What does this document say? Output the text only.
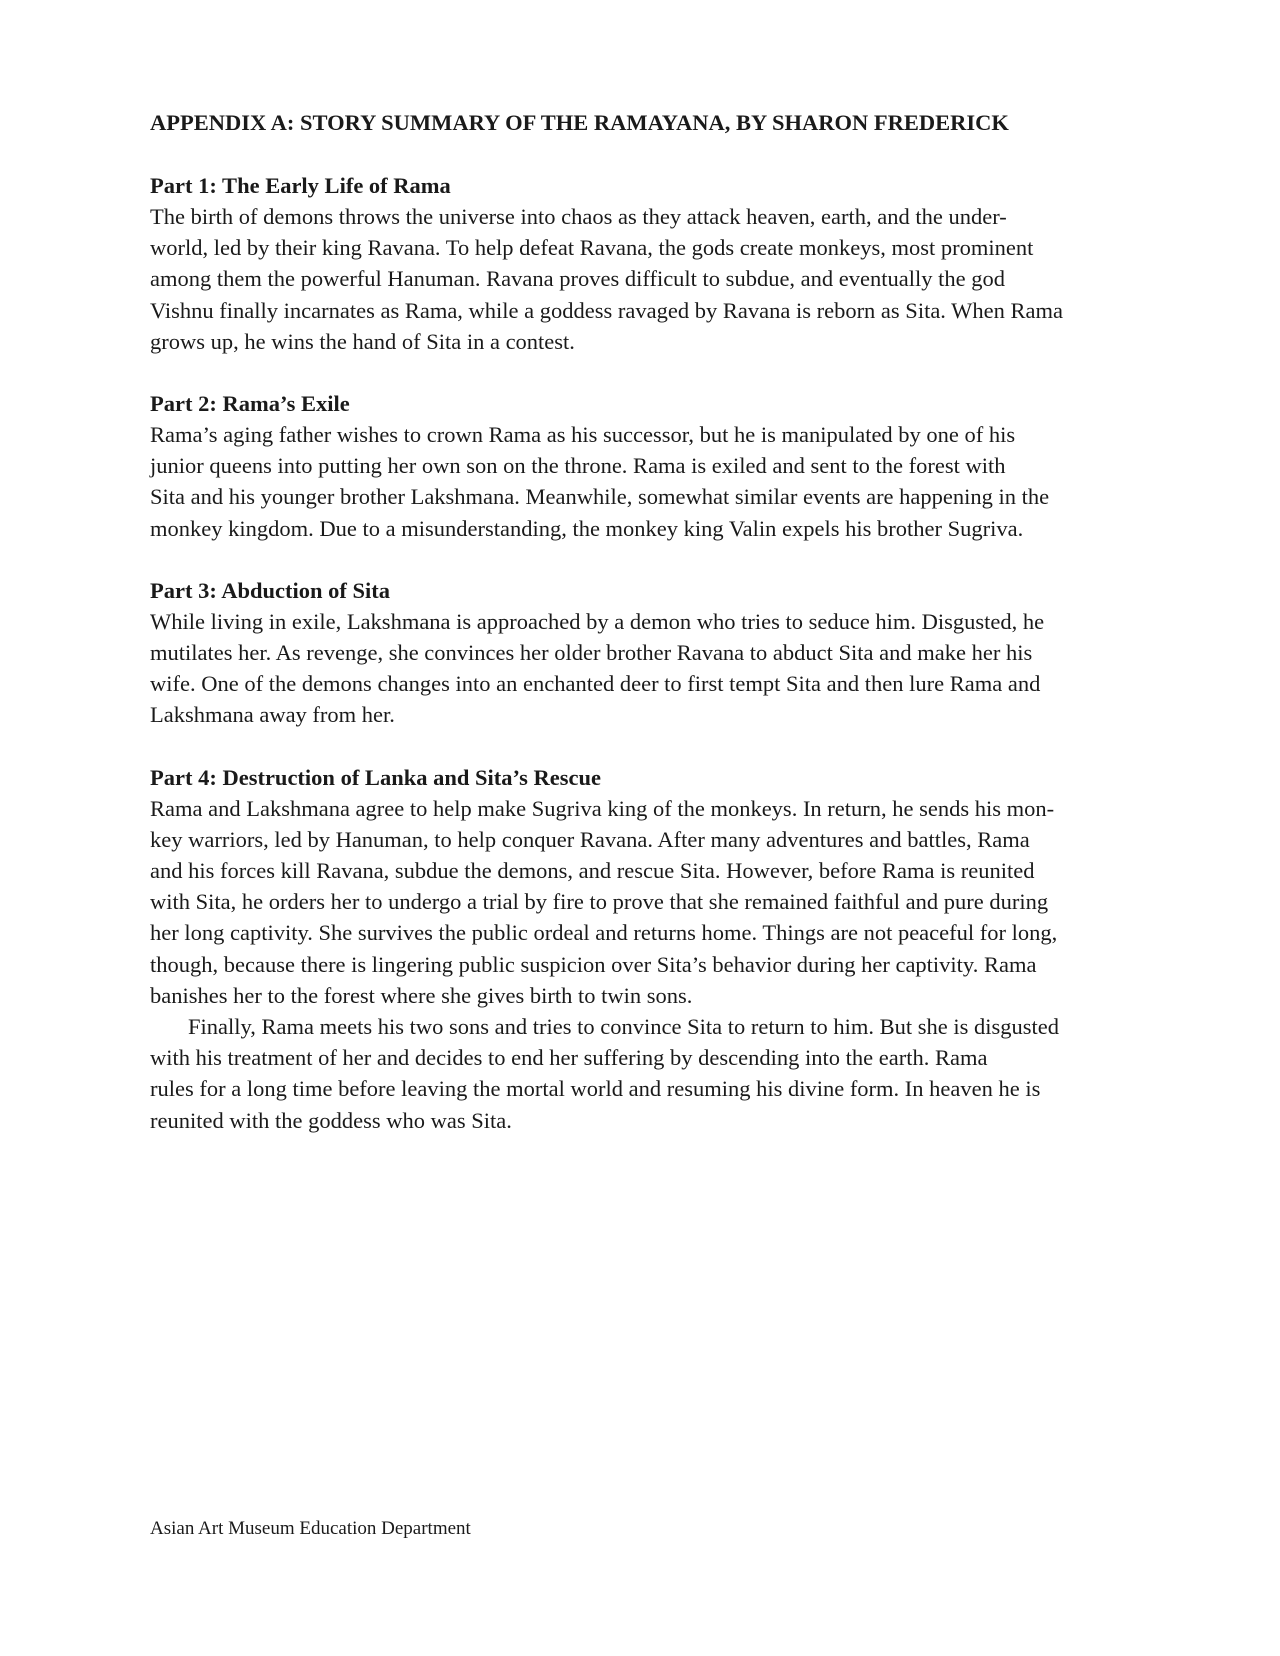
APPENDIX A: STORY SUMMARY OF THE RAMAYANA, BY SHARON FREDERICK
Part 1: The Early Life of Rama

The birth of demons throws the universe into chaos as they attack heaven, earth, and the under-
world, led by their king Ravana. To help defeat Ravana, the gods create monkeys, most prominent
among them the powerful Hanuman. Ravana proves difficult to subdue, and eventually the god
Vishnu finally incarnates as Rama, while a goddess ravaged by Ravana is reborn as Sita. When Rama
grows up, he wins the hand of Sita in a contest.

Part 2: Rama’s Exile

Rama’s aging father wishes to crown Rama as his successor, but he is manipulated by one of his
junior queens into putting her own son on the throne. Rama is exiled and sent to the forest with
Sita and his younger brother Lakshmana. Meanwhile, somewhat similar events are happening in the
monkey kingdom. Due to a misunderstanding, the monkey king Valin expels his brother Sugriva.

Part 3: Abduction of Sita

While living in exile, Lakshmana is approached by a demon who tries to seduce him. Disgusted, he
mutilates her. As revenge, she convinces her older brother Ravana to abduct Sita and make her his
wife. One of the demons changes into an enchanted deer to first tempt Sita and then lure Rama and
Lakshmana away from her.

Part 4: Destruction of Lanka and Sita’s Rescue

Rama and Lakshmana agree to help make Sugriva king of the monkeys. In return, he sends his mon-
key warriors, led by Hanuman, to help conquer Ravana. After many adventures and battles, Rama
and his forces kill Ravana, subdue the demons, and rescue Sita. However, before Rama is reunited
with Sita, he orders her to undergo a trial by fire to prove that she remained faithful and pure during
her long captivity. She survives the public ordeal and returns home. Things are not peaceful for long,
though, because there is lingering public suspicion over Sita’s behavior during her captivity. Rama
banishes her to the forest where she gives birth to twin sons.

Finally, Rama meets his two sons and tries to convince Sita to return to him. But she is disgusted
with his treatment of her and decides to end her suffering by descending into the earth. Rama
rules for a long time before leaving the mortal world and resuming his divine form. In heaven he is
reunited with the goddess who was Sita.

Asian Art Museum Education Department
